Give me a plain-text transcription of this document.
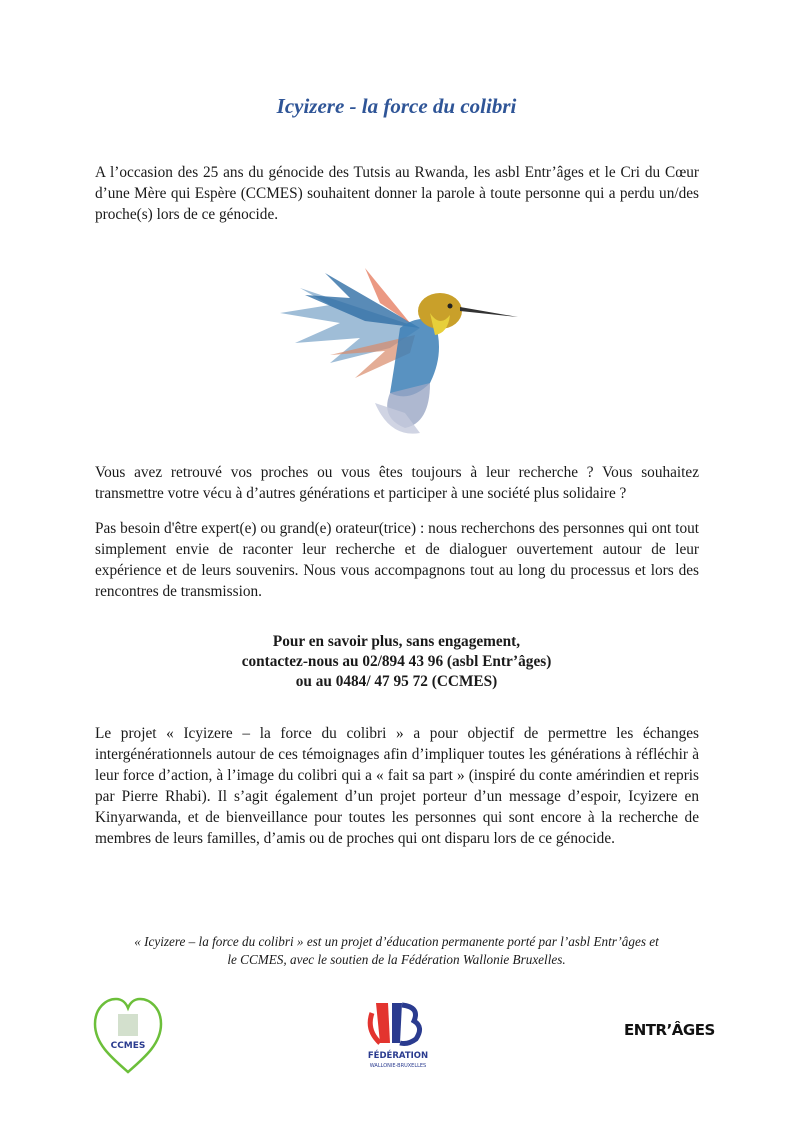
Icyizere - la force du colibri

A l’occasion des 25 ans du génocide des Tutsis au Rwanda, les asbl Entr’âges et le Cri du Cœur d’une Mère qui Espère (CCMES) souhaitent donner la parole à toute personne qui a perdu un/des proche(s) lors de ce génocide.

Vous avez retrouvé vos proches ou vous êtes toujours à leur recherche ? Vous souhaitez transmettre votre vécu à d’autres générations et participer à une société plus solidaire ?

Pas besoin d'être expert(e) ou grand(e) orateur(trice) : nous recherchons des personnes qui ont tout simplement envie de raconter leur recherche et de dialoguer ouvertement autour de leur expérience et de leurs souvenirs. Nous vous accompagnons tout au long du processus et lors des rencontres de transmission.

Pour en savoir plus, sans engagement,
contactez-nous au 02/894 43 96 (asbl Entr’âges)
ou au 0484/ 47 95 72 (CCMES)

Le projet « Icyizere – la force du colibri » a pour objectif de permettre les échanges intergénérationnels autour de ces témoignages afin d’impliquer toutes les générations à réfléchir à leur force d’action, à l’image du colibri qui a « fait sa part » (inspiré du conte amérindien et repris par Pierre Rhabi). Il s’agit également d’un projet porteur d’un message d’espoir, Icyizere en Kinyarwanda, et de bienveillance pour toutes les personnes qui sont encore à la recherche de membres de leurs familles, d’amis ou de proches qui ont disparu lors de ce génocide.

« Icyizere – la force du colibri » est un projet d’éducation permanente porté par l’asbl Entr’âges et
le CCMES, avec le soutien de la Fédération Wallonie Bruxelles.
CCMES
FÉDÉRATION
WALLONIE-BRUXELLES
ENTR’ÂGES
